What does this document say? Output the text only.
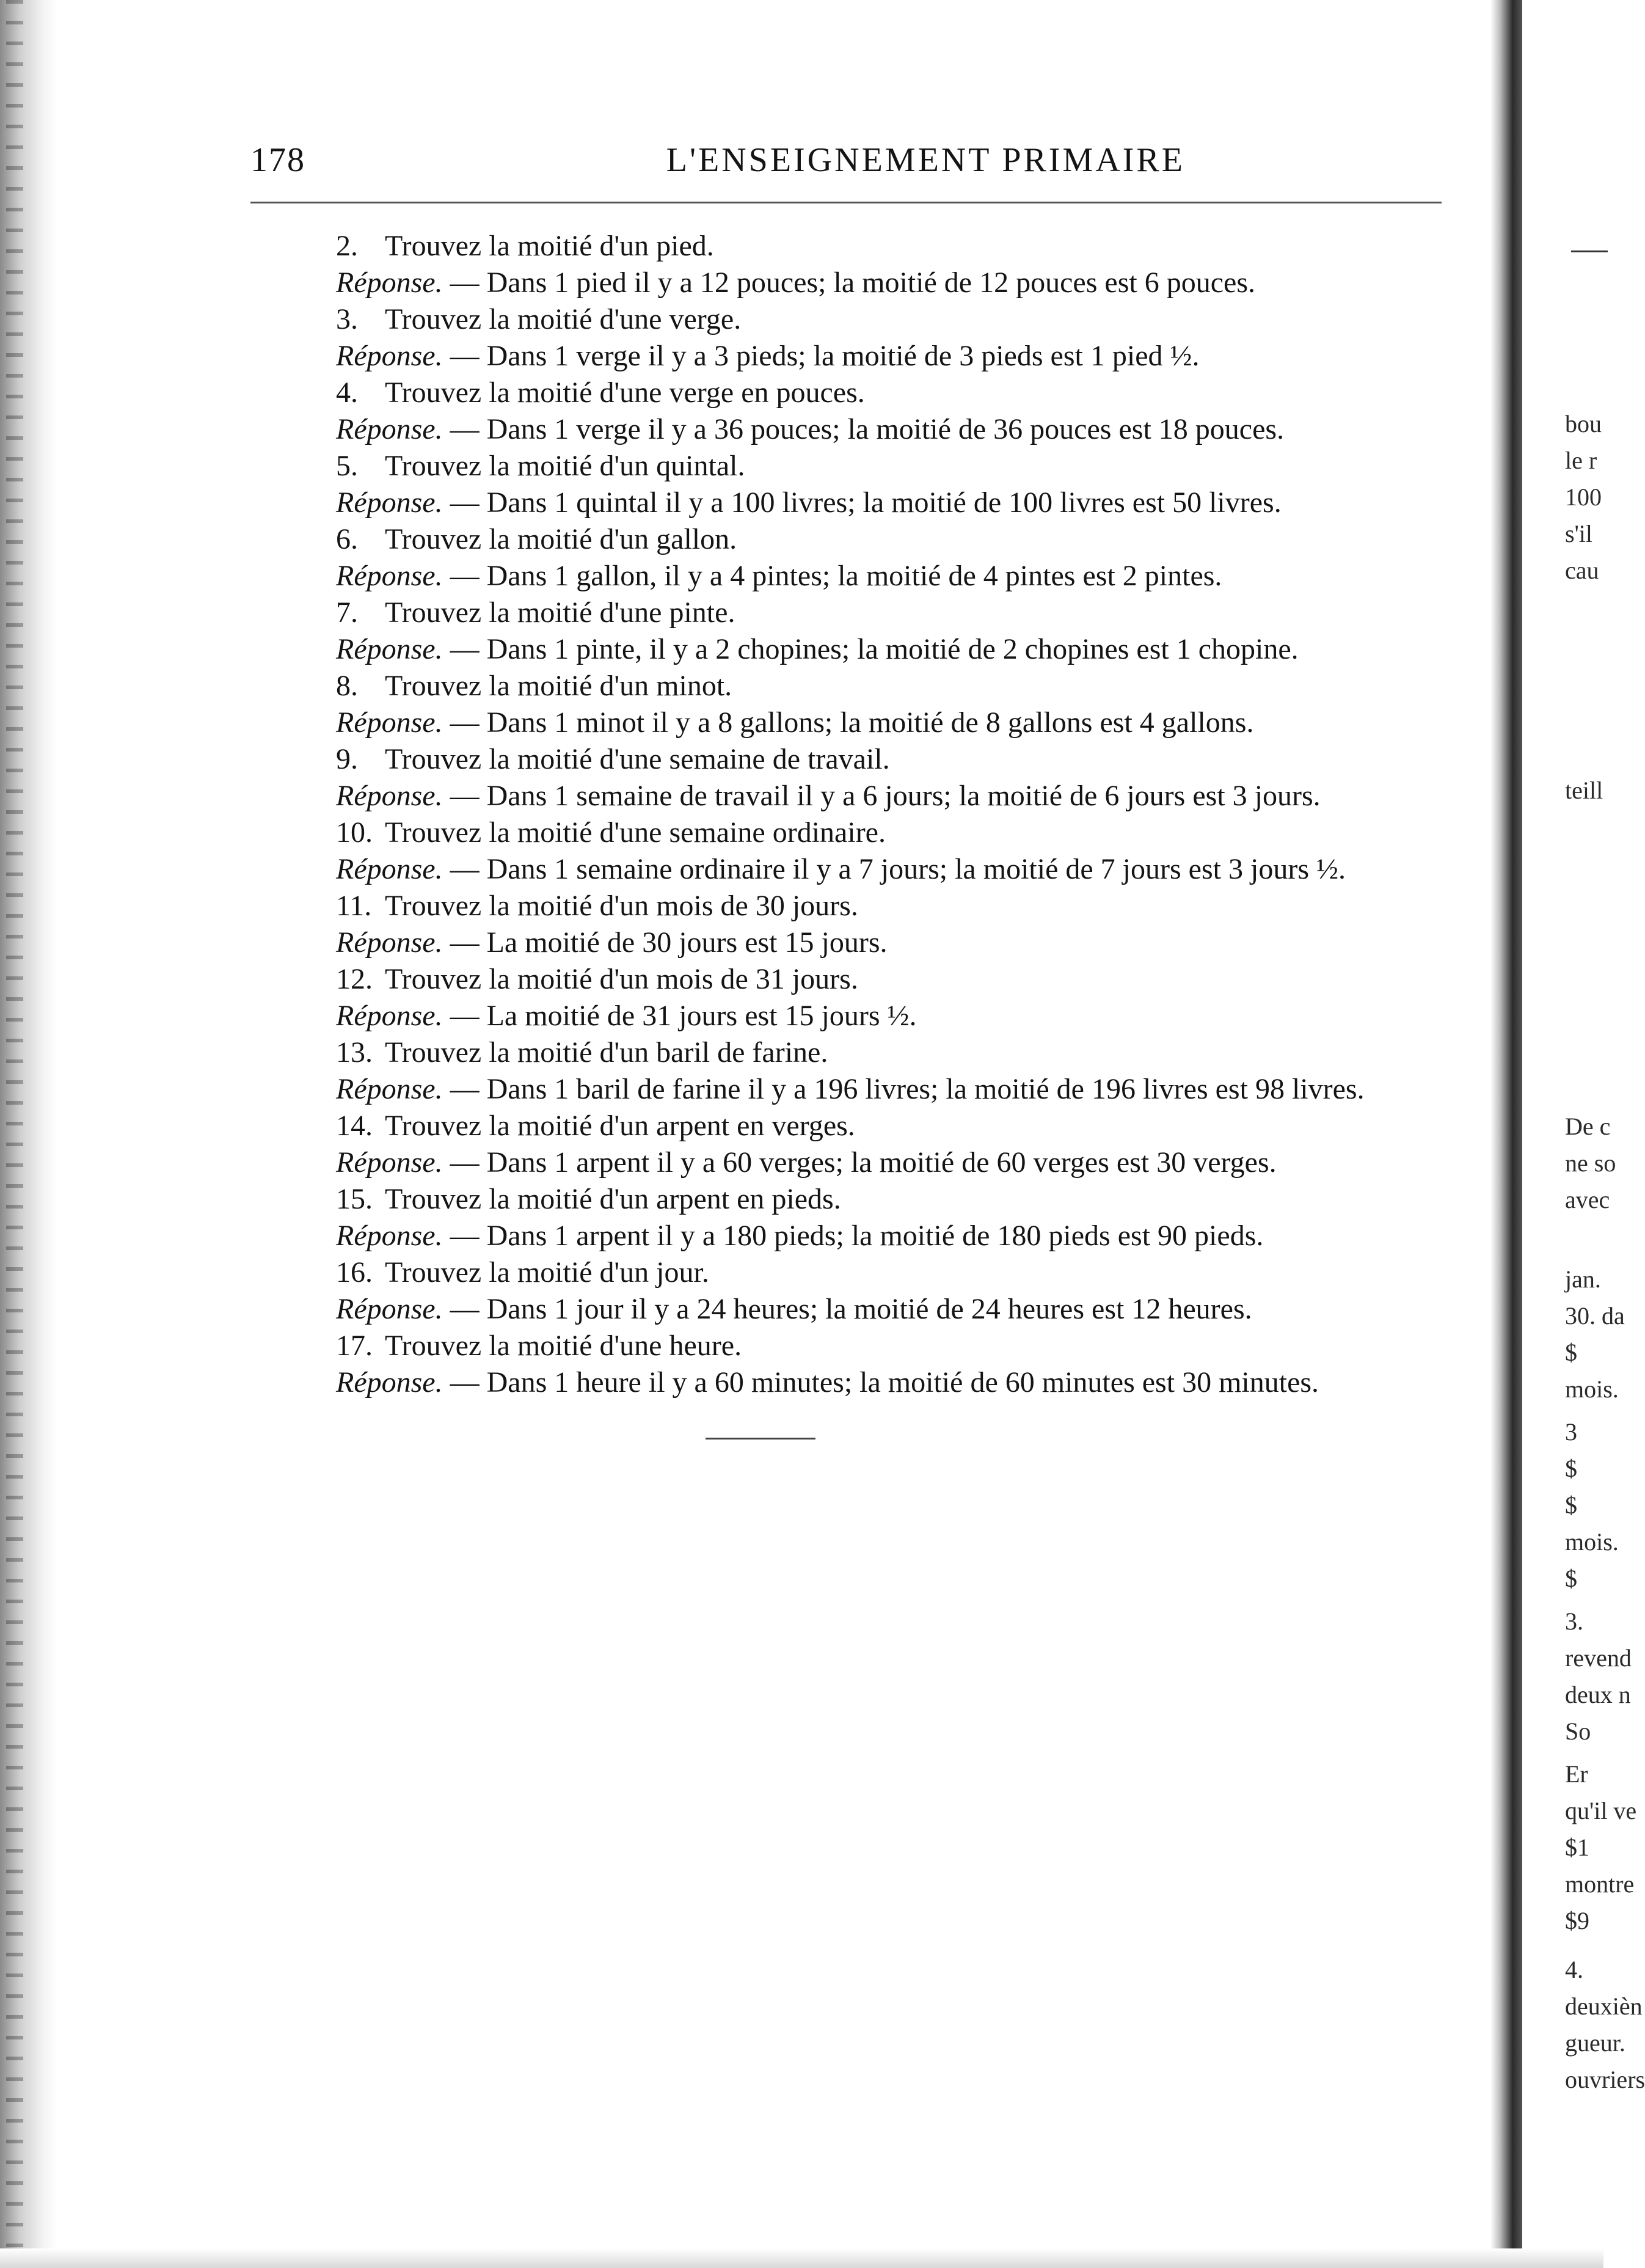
bou
le r
100
s'il
cau
teill
De c
ne so
avec
jan.
30. da
$
mois.
3
$
$
mois.
$
3.
revend
deux n
So
Er
qu'il ve
$1
montre
$9
4.
deuxièn
gueur.
ouvriers
178	L'ENSEIGNEMENT PRIMAIRE

2. Trouvez la moitié d'un pied.

Réponse. — Dans 1 pied il y a 12 pouces; la moitié de 12 pouces est 6 pouces.

3. Trouvez la moitié d'une verge.

Réponse. — Dans 1 verge il y a 3 pieds; la moitié de 3 pieds est 1 pied ½.

4. Trouvez la moitié d'une verge en pouces.

Réponse. — Dans 1 verge il y a 36 pouces; la moitié de 36 pouces est 18 pouces.

5. Trouvez la moitié d'un quintal.

Réponse. — Dans 1 quintal il y a 100 livres; la moitié de 100 livres est 50 livres.

6. Trouvez la moitié d'un gallon.

Réponse. — Dans 1 gallon, il y a 4 pintes; la moitié de 4 pintes est 2 pintes.

7. Trouvez la moitié d'une pinte.

Réponse. — Dans 1 pinte, il y a 2 chopines; la moitié de 2 chopines est 1 chopine.

8. Trouvez la moitié d'un minot.

Réponse. — Dans 1 minot il y a 8 gallons; la moitié de 8 gallons est 4 gallons.

9. Trouvez la moitié d'une semaine de travail.

Réponse. — Dans 1 semaine de travail il y a 6 jours; la moitié de 6 jours est 3 jours.

10. Trouvez la moitié d'une semaine ordinaire.

Réponse. — Dans 1 semaine ordinaire il y a 7 jours; la moitié de 7 jours est 3 jours ½.

11. Trouvez la moitié d'un mois de 30 jours.

Réponse. — La moitié de 30 jours est 15 jours.

12. Trouvez la moitié d'un mois de 31 jours.

Réponse. — La moitié de 31 jours est 15 jours ½.

13. Trouvez la moitié d'un baril de farine.

Réponse. — Dans 1 baril de farine il y a 196 livres; la moitié de 196 livres est 98 livres.

14. Trouvez la moitié d'un arpent en verges.

Réponse. — Dans 1 arpent il y a 60 verges; la moitié de 60 verges est 30 verges.

15. Trouvez la moitié d'un arpent en pieds.

Réponse. — Dans 1 arpent il y a 180 pieds; la moitié de 180 pieds est 90 pieds.

16. Trouvez la moitié d'un jour.

Réponse. — Dans 1 jour il y a 24 heures; la moitié de 24 heures est 12 heures.

17. Trouvez la moitié d'une heure.

Réponse. — Dans 1 heure il y a 60 minutes; la moitié de 60 minutes est 30 minutes.
